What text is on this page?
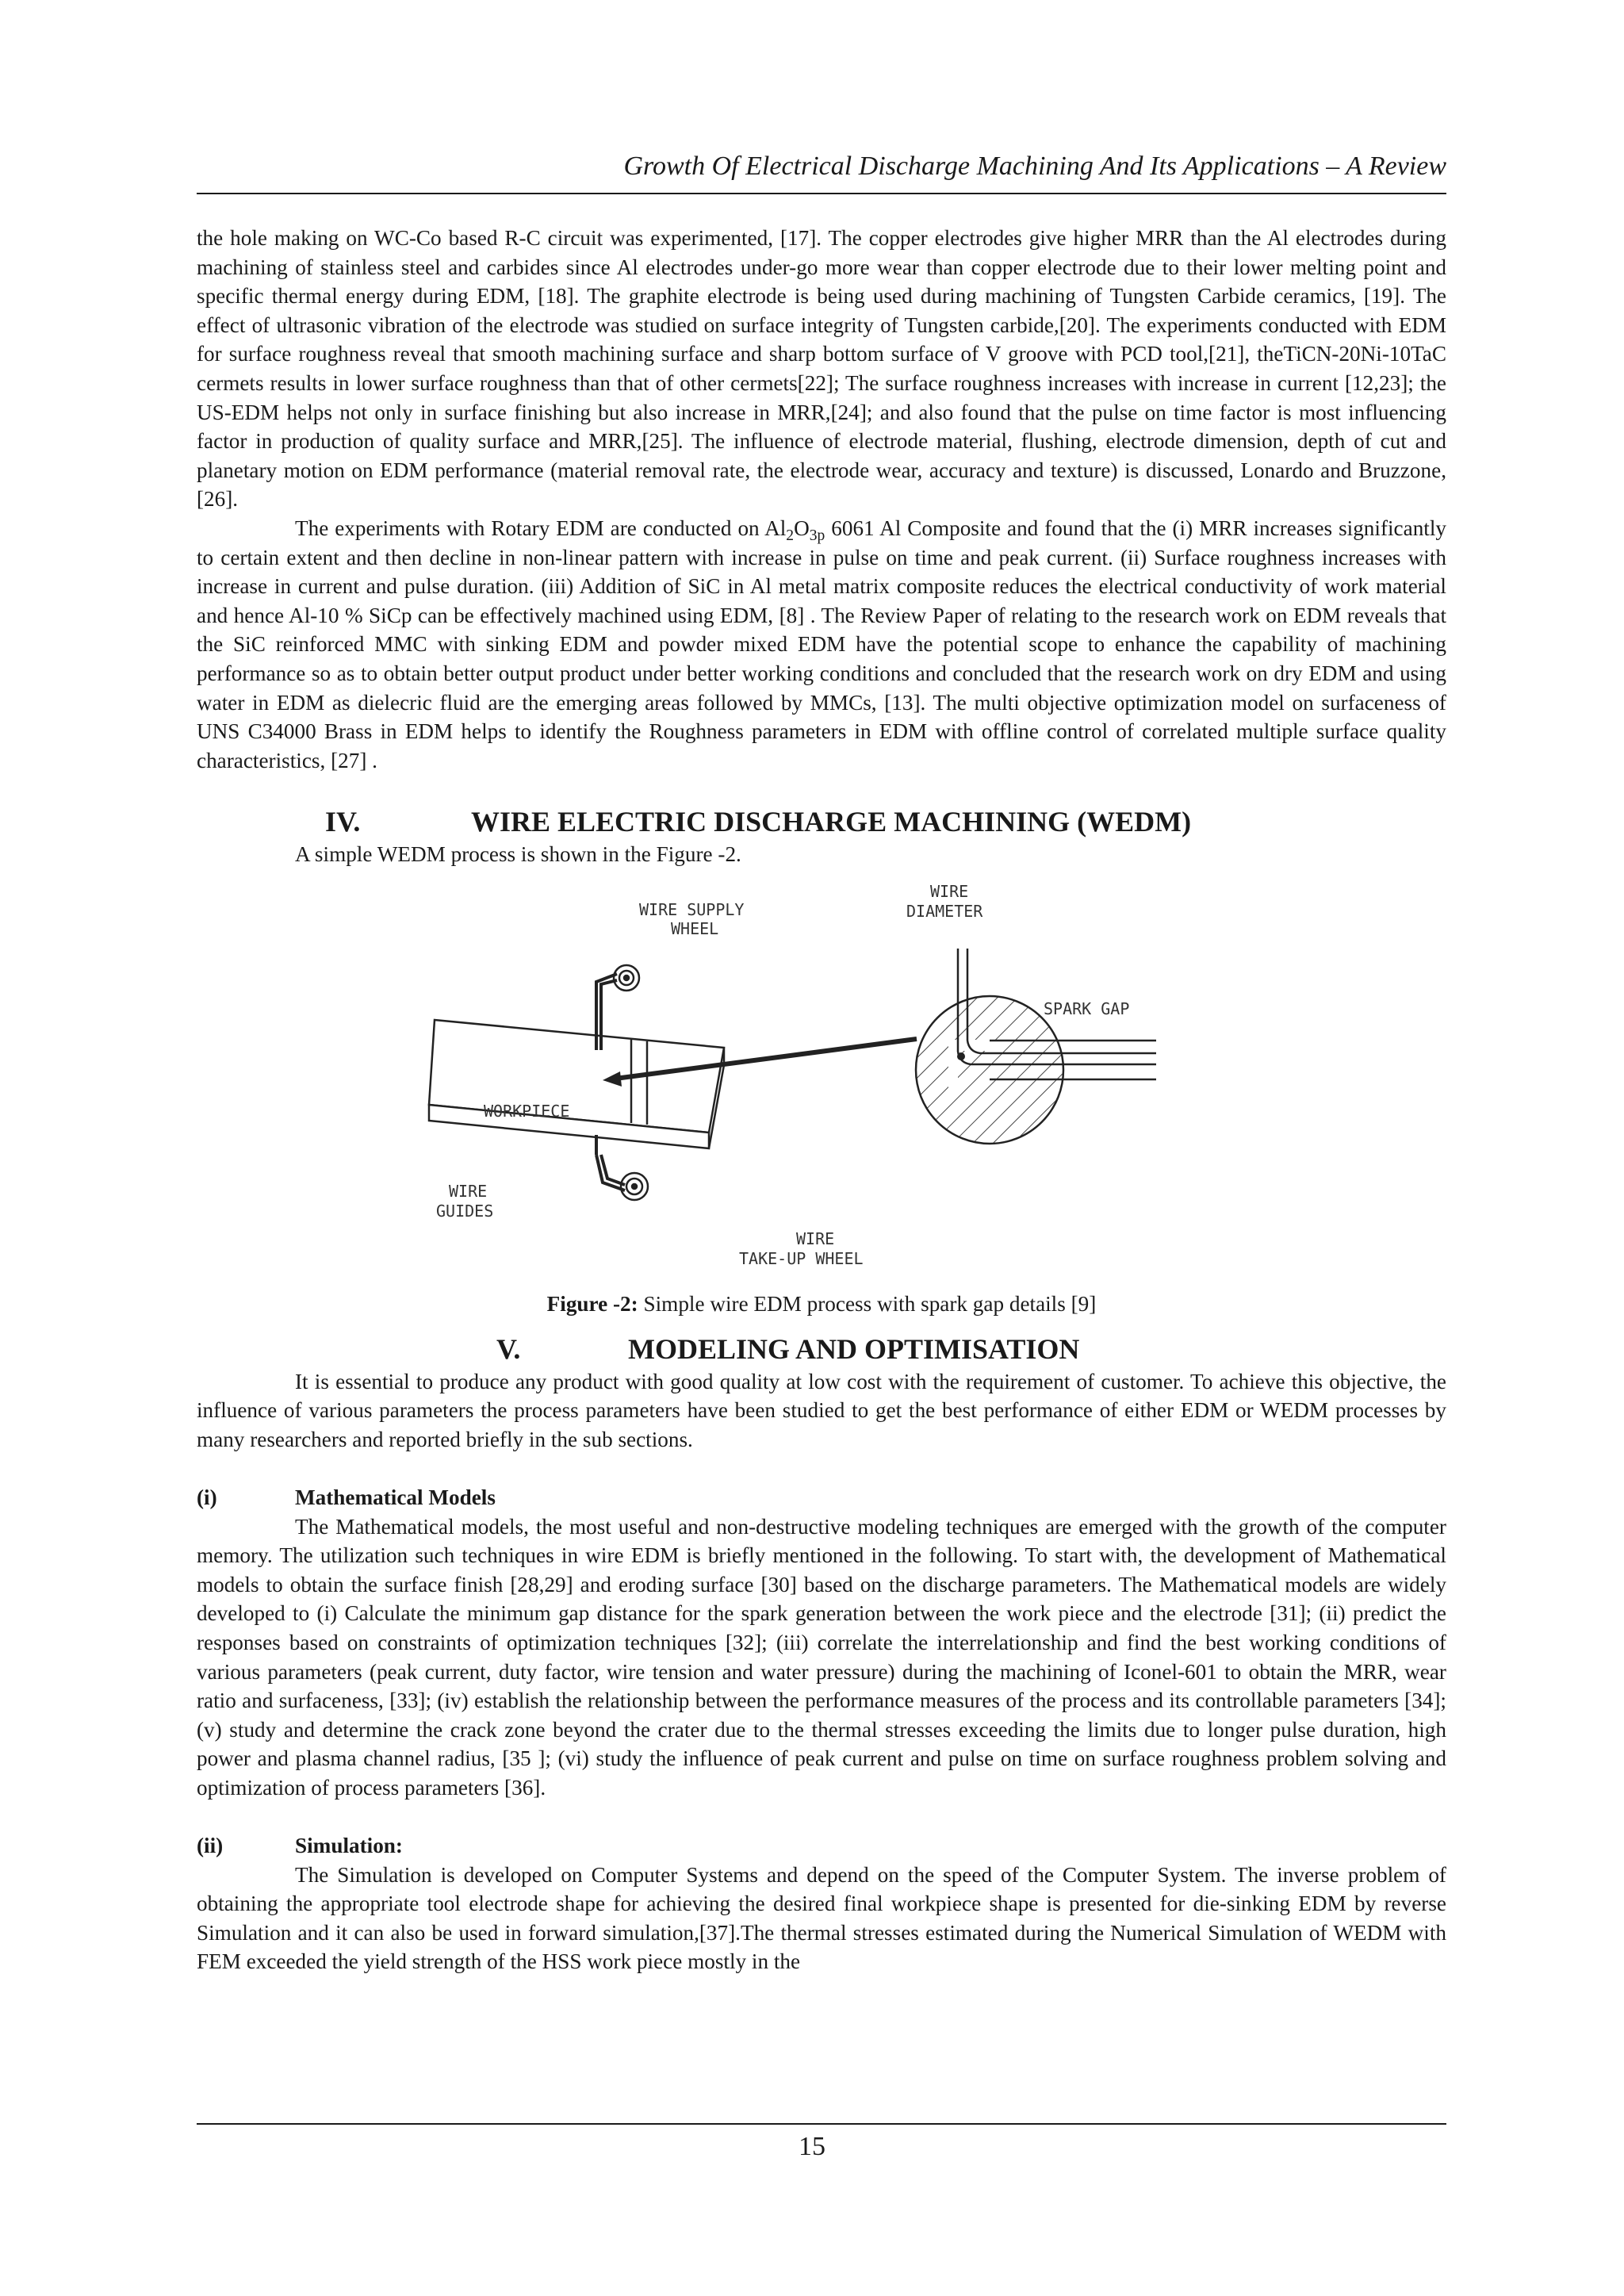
Growth Of Electrical Discharge Machining And Its Applications – A Review

the hole making on WC-Co based R-C circuit was experimented, [17]. The copper electrodes give higher MRR than the Al electrodes during machining of stainless steel and carbides since Al electrodes under-go more wear than copper electrode due to their lower melting point and specific thermal energy during EDM, [18]. The graphite electrode is being used during machining of Tungsten Carbide ceramics, [19]. The effect of ultrasonic vibration of the electrode was studied on surface integrity of Tungsten carbide,[20]. The experiments conducted with EDM for surface roughness reveal that smooth machining surface and sharp bottom surface of V groove with PCD tool,[21], theTiCN-20Ni-10TaC cermets results in lower surface roughness than that of other cermets[22]; The surface roughness increases with increase in current [12,23]; the US-EDM helps not only in surface finishing but also increase in MRR,[24]; and also found that the pulse on time factor is most influencing factor in production of quality surface and MRR,[25]. The influence of electrode material, flushing, electrode dimension, depth of cut and planetary motion on EDM performance (material removal rate, the electrode wear, accuracy and texture) is discussed, Lonardo and Bruzzone, [26].

The experiments with Rotary EDM are conducted on $Al_2O_{3p}$ 6061 Al Composite and found that the (i) MRR increases significantly to certain extent and then decline in non-linear pattern with increase in pulse on time and peak current. (ii) Surface roughness increases with increase in current and pulse duration. (iii) Addition of SiC in Al metal matrix composite reduces the electrical conductivity of work material and hence Al-10 % SiCp can be effectively machined using EDM, [8] . The Review Paper of relating to the research work on EDM reveals that the SiC reinforced MMC with sinking EDM and powder mixed EDM have the potential scope to enhance the capability of machining performance so as to obtain better output product under better working conditions and concluded that the research work on dry EDM and using water in EDM as dielecric fluid are the emerging areas followed by MMCs, [13]. The multi objective optimization model on surfaceness of UNS C34000 Brass in EDM helps to identify the Roughness parameters in EDM with offline control of correlated multiple surface quality characteristics, [27] .

IV.	WIRE ELECTRIC DISCHARGE MACHINING (WEDM)

A simple WEDM process is shown in the Figure -2.

WIRE SUPPLY
WHEEL
WIRE
DIAMETER
SPARK GAP
WORKPIECE
WIRE
GUIDES
WIRE
TAKE-UP WHEEL
Figure -2: Simple wire EDM process with spark gap details [9]
V.	MODELING AND OPTIMISATION

It is essential to produce any product with good quality at low cost with the requirement of customer. To achieve this objective, the influence of various parameters the process parameters have been studied to get the best performance of either EDM or WEDM processes by many researchers and reported briefly in the sub sections.

(i)	Mathematical Models

The Mathematical models, the most useful and non-destructive modeling techniques are emerged with the growth of the computer memory. The utilization such techniques in wire EDM is briefly mentioned in the following. To start with, the development of Mathematical models to obtain the surface finish [28,29] and eroding surface [30] based on the discharge parameters. The Mathematical models are widely developed to (i) Calculate the minimum gap distance for the spark generation between the work piece and the electrode [31]; (ii) predict the responses based on constraints of optimization techniques [32]; (iii) correlate the interrelationship and find the best working conditions of various parameters (peak current, duty factor, wire tension and water pressure) during the machining of Iconel-601 to obtain the MRR, wear ratio and surfaceness, [33]; (iv) establish the relationship between the performance measures of the process and its controllable parameters [34]; (v) study and determine the crack zone beyond the crater due to the thermal stresses exceeding the limits due to longer pulse duration, high power and plasma channel radius, [35 ]; (vi) study the influence of peak current and pulse on time on surface roughness problem solving and optimization of process parameters [36].

(ii)	Simulation:

The Simulation is developed on Computer Systems and depend on the speed of the Computer System. The inverse problem of obtaining the appropriate tool electrode shape for achieving the desired final workpiece shape is presented for die-sinking EDM by reverse Simulation and it can also be used in forward simulation,[37].The thermal stresses estimated during the Numerical Simulation of WEDM with FEM exceeded the yield strength of the HSS work piece mostly in the

15
